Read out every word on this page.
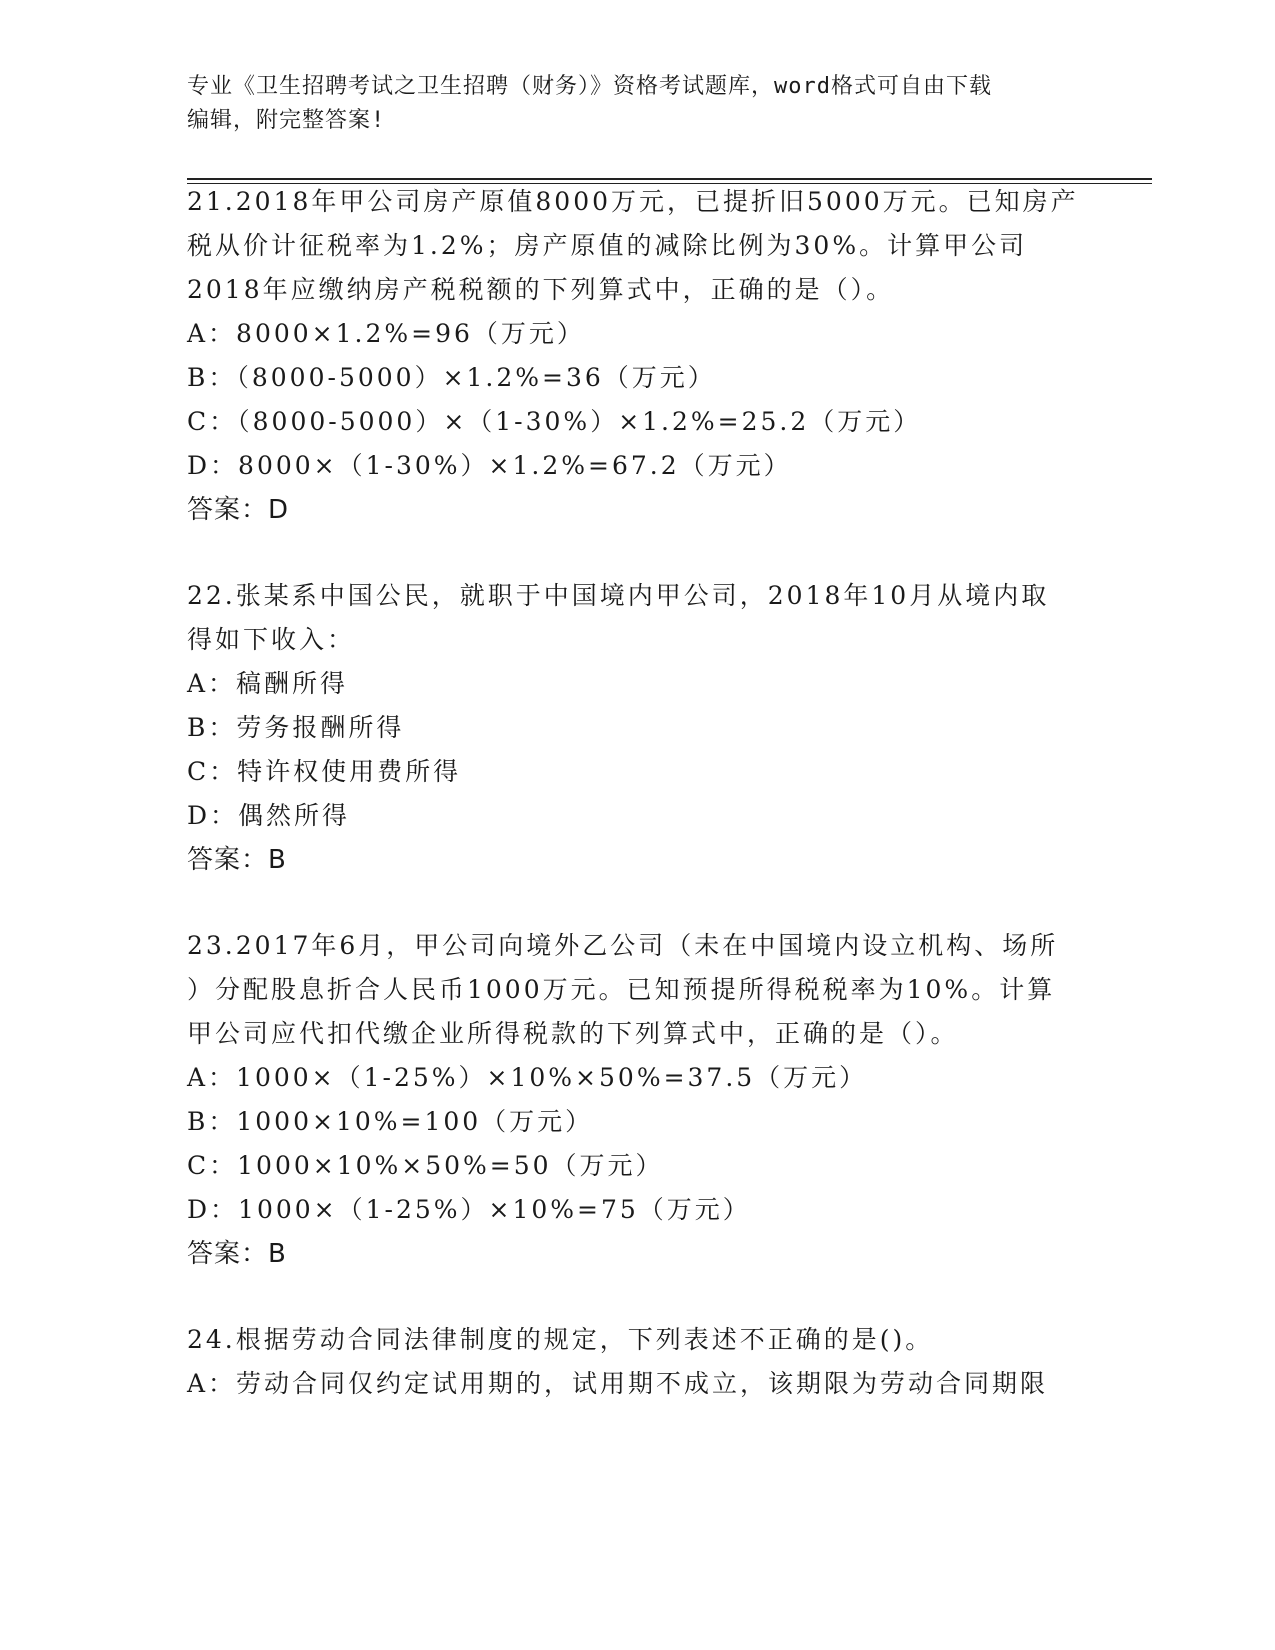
专业《卫生招聘考试之卫生招聘（财务）》资格考试题库，word格式可自由下载
编辑，附完整答案!
21.2018年甲公司房产原值8000万元，已提折旧5000万元。已知房产
税从价计征税率为1.2%；房产原值的减除比例为30%。计算甲公司
2018年应缴纳房产税税额的下列算式中，正确的是（）。
A：8000×1.2%=96（万元）
B：（8000-5000）×1.2%=36（万元）
C：（8000-5000）×（1-30%）×1.2%=25.2（万元）
D：8000×（1-30%）×1.2%=67.2（万元）
答案：D
22.张某系中国公民，就职于中国境内甲公司，2018年10月从境内取
得如下收入：
A：稿酬所得
B：劳务报酬所得
C：特许权使用费所得
D：偶然所得
答案：B
23.2017年6月，甲公司向境外乙公司（未在中国境内设立机构、场所
）分配股息折合人民币1000万元。已知预提所得税税率为10%。计算
甲公司应代扣代缴企业所得税款的下列算式中，正确的是（）。
A：1000×（1-25%）×10%×50%=37.5（万元）
B：1000×10%=100（万元）
C：1000×10%×50%=50（万元）
D：1000×（1-25%）×10%=75（万元）
答案：B
24.根据劳动合同法律制度的规定，下列表述不正确的是()。
A：劳动合同仅约定试用期的，试用期不成立，该期限为劳动合同期限
